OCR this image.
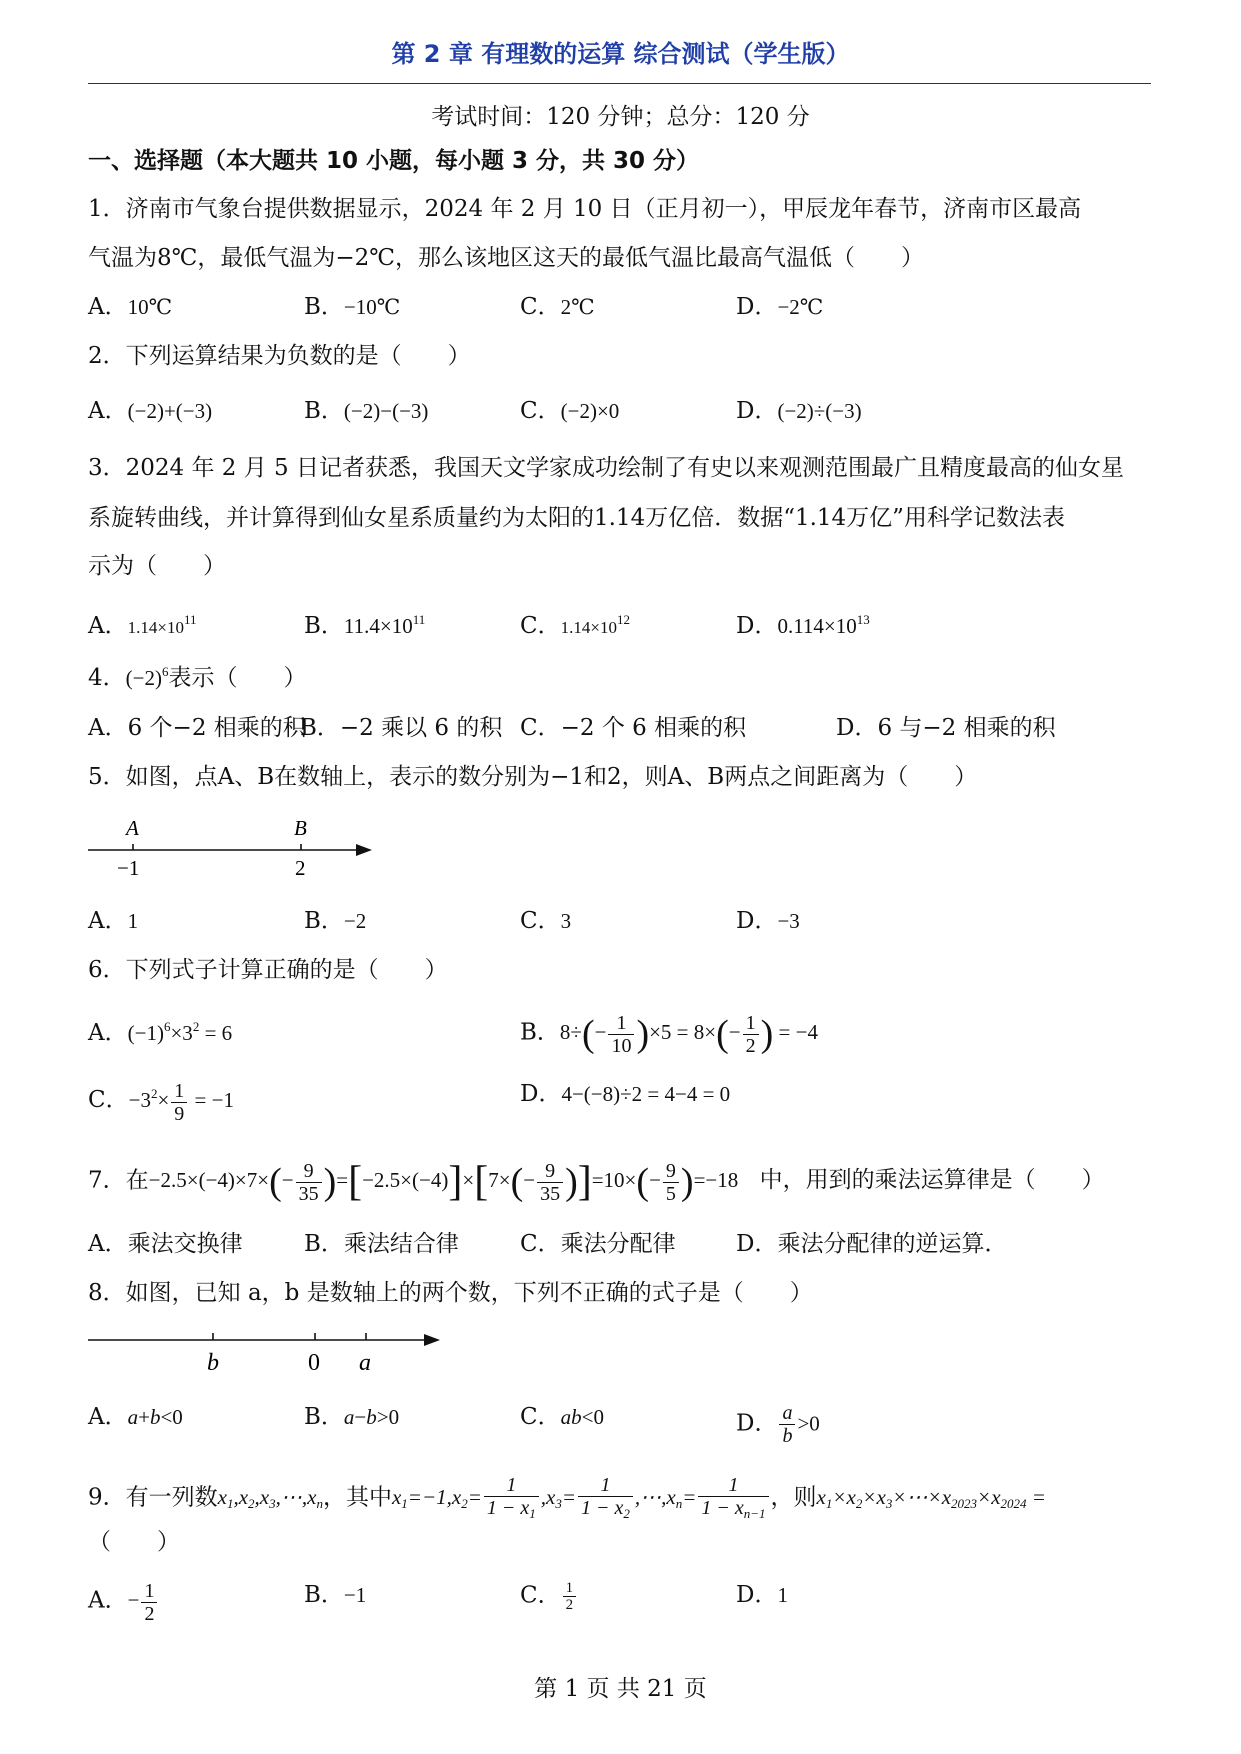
第 2 章 有理数的运算 综合测试（学生版）
考试时间：120 分钟；总分：120 分
一、选择题（本大题共 10 小题，每小题 3 分，共 30 分）
1．济南市气象台提供数据显示，2024 年 2 月 10 日（正月初一），甲辰龙年春节，济南市区最高
气温为8℃，最低气温为−2℃，那么该地区这天的最低气温比最高气温低（　　）
A．10℃	B．−10℃	C．2℃	D．−2℃
2．下列运算结果为负数的是（　　）
A．(−2)+(−3)	B．(−2)−(−3)	C．(−2)×0	D．(−2)÷(−3)
3．2024 年 2 月 5 日记者获悉，我国天文学家成功绘制了有史以来观测范围最广且精度最高的仙女星
系旋转曲线，并计算得到仙女星系质量约为太阳的1.14万亿倍．数据“1.14万亿”用科学记数法表
示为（　　）
A．$1.14\times 10^{11}$	B．$11.4\times 10^{11}$	C．$1.14\times 10^{12}$	D．$0.114\times 10^{13}$
4．$(-2)^6$表示（　　）
A．6 个−2 相乘的积
B．−2 乘以 6 的积 C．−2 个 6 相乘的积	D．6 与−2 相乘的积
5．如图，点A、B在数轴上，表示的数分别为−1和2，则A、B两点之间距离为（　　）
A	B
−1	2
A．1	B．−2	C．3	D．−3
6．下列式子计算正确的是（　　）
A．$(-1)^6\times 3^2 = 6$	B．$8\div(- \frac{1}{10} )\times 5 = 8\times(- \frac{1}{2}$ ) = −4
C．$-3^2\times \frac{1}{9} = -1$	D．4−(−8)÷2 = 4−4 = 0
7．在$-2.5\times(-4)\times 7\times(- \frac{9}{35} )=[-2.5\times(-4)]\times[7\times(- \frac{9}{35} )]=10\times(- \frac{9}{5} )=-18$ 中，用到的乘法运算律是（　　）
A．乘法交换律	B．乘法结合律	C．乘法分配律	D．乘法分配律的逆运算．
8．如图，已知 a，b 是数轴上的两个数，下列不正确的式子是（　　）
b	0 a
A．a+b<0	B．a−b>0	C．ab<0	D． $\frac{a}{b} >0$
9．有一列数$x_1,x_2,x_3,\cdots,x_n$，其中$x_1=-1,x_2= \frac{1}{1 - x_1} ,x_3= \frac{1}{1 - x_2}$ $,\cdots,x_n= \frac{1}{1 - x_{n-1}}$ ，则$x_1\times x_2\times x_3\times\cdots\times x_{2023}\times x_{2024}$ =
（　　）
A．− $\frac{1}{2}$	B．−1	C． $\frac{1}{2}$	D．1
第 1 页 共 21 页
